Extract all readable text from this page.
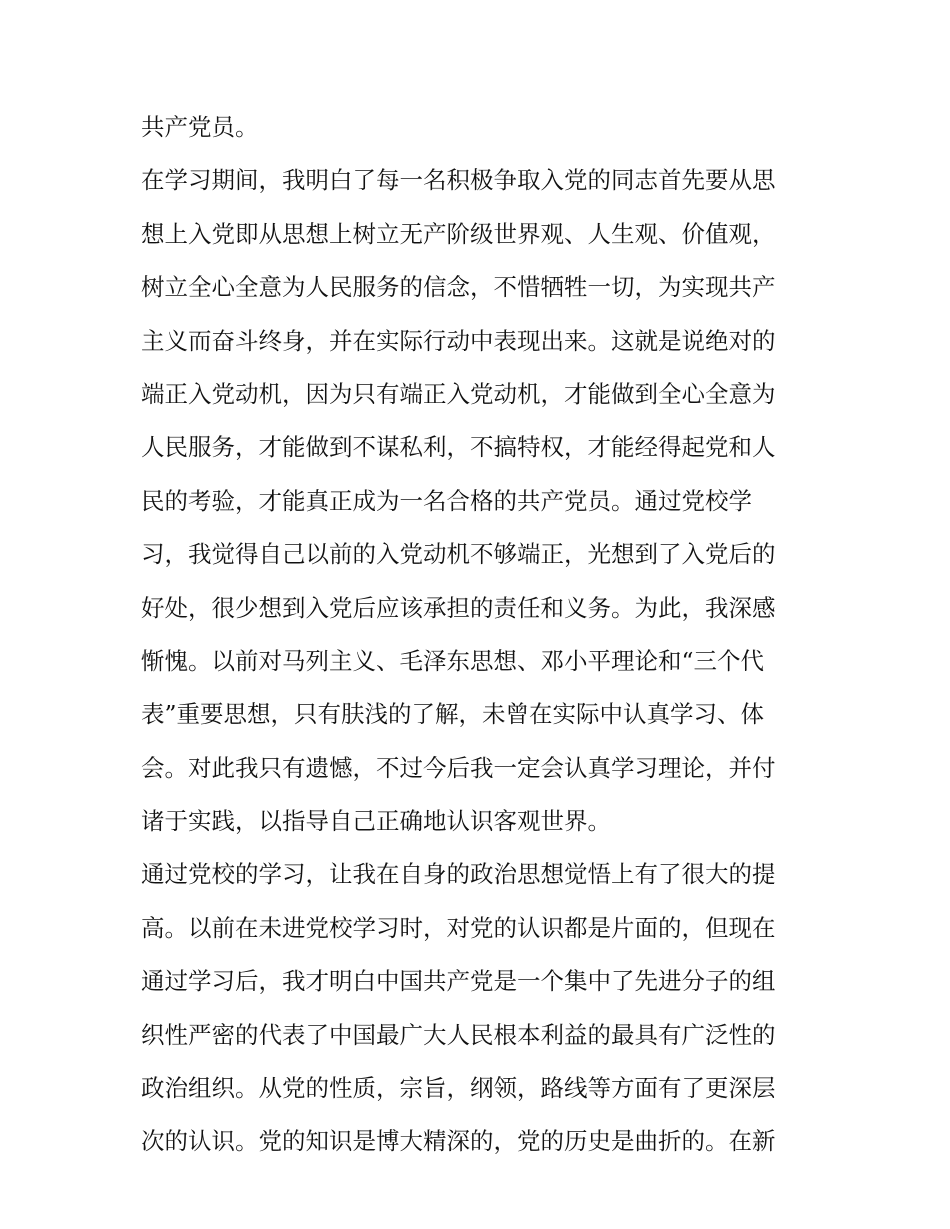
共产党员。
在学习期间，我明白了每一名积极争取入党的同志首先要从思
想上入党即从思想上树立无产阶级世界观、人生观、价值观，
树立全心全意为人民服务的信念，不惜牺牲一切，为实现共产
主义而奋斗终身，并在实际行动中表现出来。这就是说绝对的
端正入党动机，因为只有端正入党动机，才能做到全心全意为
人民服务，才能做到不谋私利，不搞特权，才能经得起党和人
民的考验，才能真正成为一名合格的共产党员。通过党校学
习，我觉得自己以前的入党动机不够端正，光想到了入党后的
好处，很少想到入党后应该承担的责任和义务。为此，我深感
惭愧。以前对马列主义、毛泽东思想、邓小平理论和“三个代
表”重要思想，只有肤浅的了解，未曾在实际中认真学习、体
会。对此我只有遗憾，不过今后我一定会认真学习理论，并付
诸于实践，以指导自己正确地认识客观世界。
通过党校的学习，让我在自身的政治思想觉悟上有了很大的提
高。以前在未进党校学习时，对党的认识都是片面的，但现在
通过学习后，我才明白中国共产党是一个集中了先进分子的组
织性严密的代表了中国最广大人民根本利益的最具有广泛性的
政治组织。从党的性质，宗旨，纲领，路线等方面有了更深层
次的认识。党的知识是博大精深的，党的历史是曲折的。在新
